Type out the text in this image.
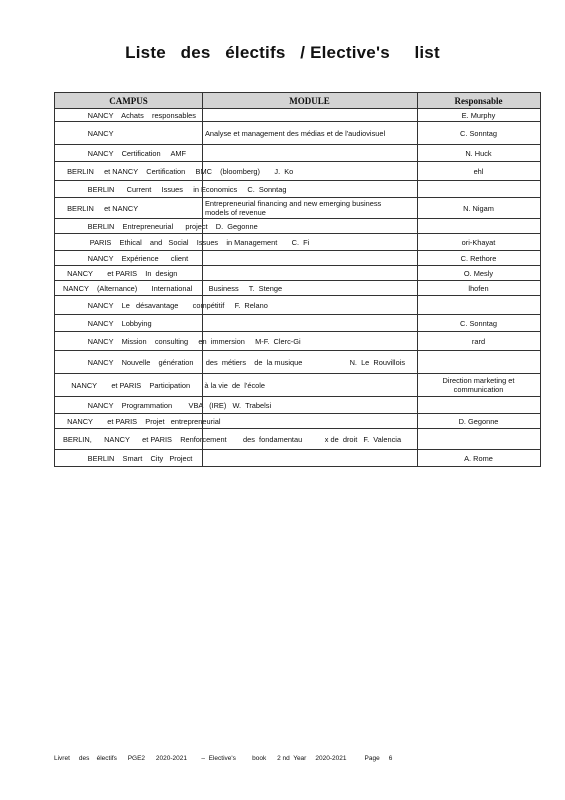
Liste   des   électifs   / Elective's     list
CAMPUS	MODULE	Responsable
NANCY    Achats    responsables	E. Murphy
NANCY	Analyse et management des médias et de l'audiovisuel	C. Sonntag
NANCY    Certification     AMF	N. Huck
BERLIN     et NANCY    Certification     BMC    (bloomberg)       J.  Ko	ehl
BERLIN      Current     Issues     in Economics     C.  Sonntag
BERLIN     et NANCY	Entrepreneurial financing and new emerging business models of revenue	N. Nigam
BERLIN    Entrepreneurial      project    D.  Gegonne
PARIS    Ethical    and   Social    Issues    in Management       C.  Fi	ori-Khayat
NANCY    Expérience      client	C. Rethore
NANCY       et PARIS    In  design	O. Mesly
NANCY    (Alternance)       International        Business     T.  Stenge	lhofen
NANCY    Le   désavantage       compétitif     F.  Relano
NANCY    Lobbying	C. Sonntag
NANCY    Mission    consulting     en  immersion     M-F.  Clerc-Gi	rard
NANCY    Nouvelle    génération      des  métiers    de  la musique                       N.  Le  Rouvillois
NANCY       et PARIS    Participation       à la vie  de  l'école	Direction marketing et communication
NANCY    Programmation        VBA   (IRE)   W.  Trabelsi
NANCY       et PARIS    Projet   entrepreneurial	D. Gegonne
BERLIN,      NANCY      et PARIS    Renforcement        des  fondamentau           x de  droit   F.  Valencia
BERLIN    Smart    City   Project	A. Rome
Livret     des    électifs      PGE2      2020-2021        –  Elective's         book      2 nd  Year     2020-2021          Page     6
